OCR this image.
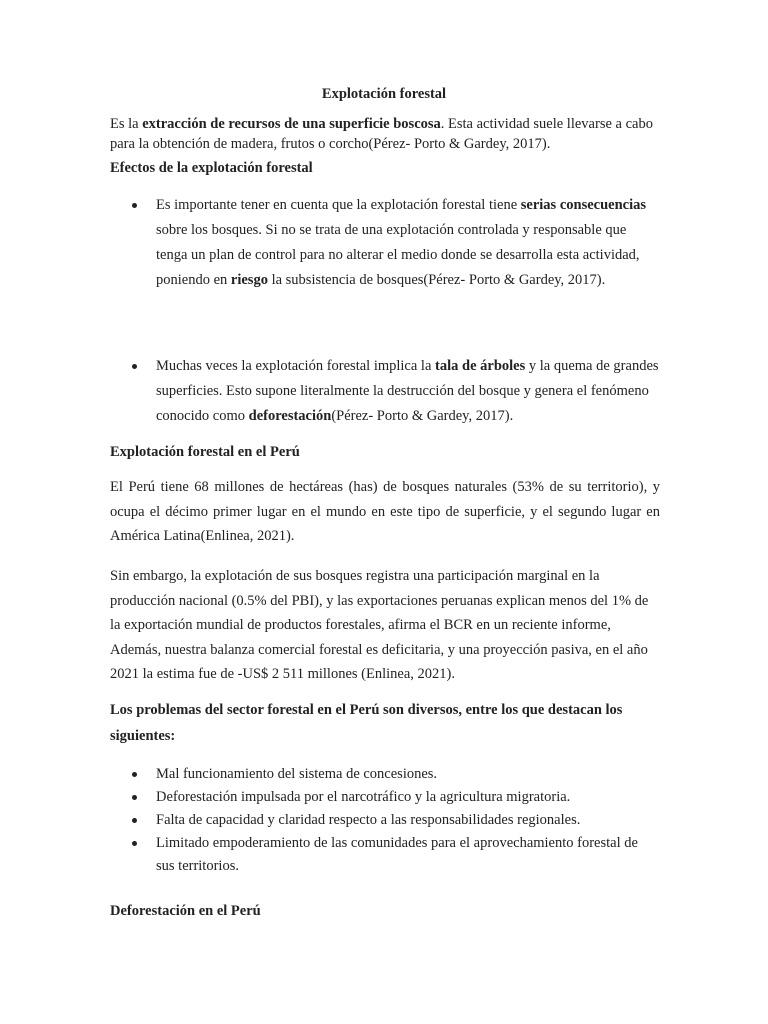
Explotación forestal
Es la extracción de recursos de una superficie boscosa. Esta actividad suele llevarse a cabo para la obtención de madera, frutos o corcho(Pérez- Porto & Gardey, 2017).
Efectos de la explotación forestal
Es importante tener en cuenta que la explotación forestal tiene serias consecuencias sobre los bosques. Si no se trata de una explotación controlada y responsable que tenga un plan de control para no alterar el medio donde se desarrolla esta actividad, poniendo en riesgo la subsistencia de bosques(Pérez- Porto & Gardey, 2017).
Muchas veces la explotación forestal implica la tala de árboles y la quema de grandes superficies. Esto supone literalmente la destrucción del bosque y genera el fenómeno conocido como deforestación(Pérez- Porto & Gardey, 2017).
Explotación forestal en el Perú
El Perú tiene 68 millones de hectáreas (has) de bosques naturales (53% de su territorio), y ocupa el décimo primer lugar en el mundo en este tipo de superficie, y el segundo lugar en América Latina(Enlinea, 2021).
Sin embargo, la explotación de sus bosques registra una participación marginal en la producción nacional (0.5% del PBI), y las exportaciones peruanas explican menos del 1% de la exportación mundial de productos forestales, afirma el BCR en un reciente informe, Además, nuestra balanza comercial forestal es deficitaria, y una proyección pasiva, en el año 2021 la estima fue de -US$ 2 511 millones (Enlinea, 2021).
Los problemas del sector forestal en el Perú son diversos, entre los que destacan los siguientes:
Mal funcionamiento del sistema de concesiones.
Deforestación impulsada por el narcotráfico y la agricultura migratoria.
Falta de capacidad y claridad respecto a las responsabilidades regionales.
Limitado empoderamiento de las comunidades para el aprovechamiento forestal de sus territorios.
Deforestación en el Perú
